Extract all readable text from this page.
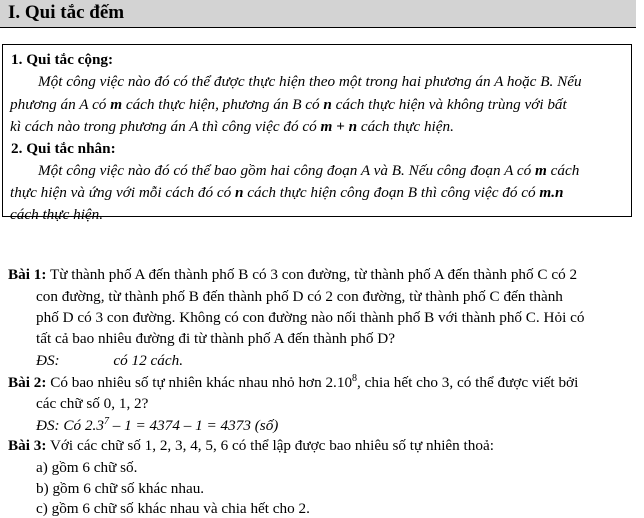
I. Qui tắc đếm
1. Qui tắc cộng:
Một công việc nào đó có thể được thực hiện theo một trong hai phương án A hoặc B. Nếu
phương án A có m cách thực hiện, phương án B có n cách thực hiện và không trùng với bất
kì cách nào trong phương án A thì công việc đó có m + n cách thực hiện.
2. Qui tắc nhân:
Một công việc nào đó có thể bao gồm hai công đoạn A và B. Nếu công đoạn A có m cách
thực hiện và ứng với mỗi cách đó có n cách thực hiện công đoạn B thì công việc đó có m.n
cách thực hiện.
Bài 1: Từ thành phố A đến thành phố B có 3 con đường, từ thành phố A đến thành phố C có 2
con đường, từ thành phố B đến thành phố D có 2 con đường, từ thành phố C đến thành
phố D có 3 con đường. Không có con đường nào nối thành phố B với thành phố C. Hỏi có
tất cả bao nhiêu đường đi từ thành phố A đến thành phố D?
ĐS:	có 12 cách.
Bài 2: Có bao nhiêu số tự nhiên khác nhau nhỏ hơn 2.10$^8$, chia hết cho 3, có thể được viết bởi
các chữ số 0, 1, 2?
ĐS: Có $2.3^7 - 1 = 4374 - 1 = 4373$ (số)
Bài 3: Với các chữ số 1, 2, 3, 4, 5, 6 có thể lập được bao nhiêu số tự nhiên thoả:
a) gồm 6 chữ số.
b) gồm 6 chữ số khác nhau.
c) gồm 6 chữ số khác nhau và chia hết cho 2.
